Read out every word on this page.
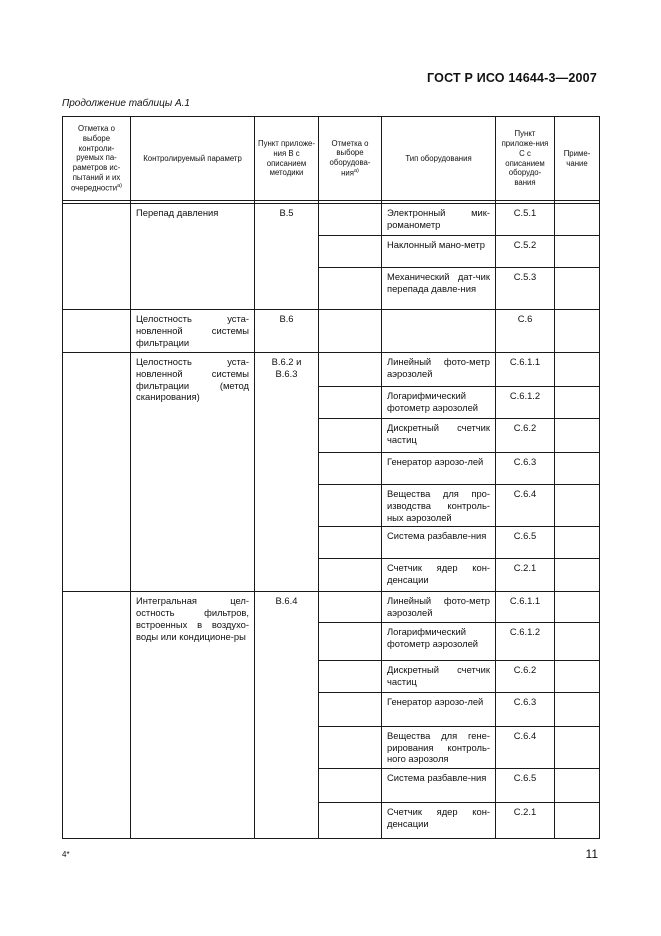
ГОСТ Р ИСО 14644-3—2007
Продолжение таблицы А.1
Отметка о выборе контроли-руемых па-раметров ис-пытаний и их очередности$^{а)}$	Контролируемый параметр	Пункт приложе-ния В с описанием методики	Отметка о выборе оборудова-ния$^{а)}$	Тип оборудования	Пункт приложе-ния С с описанием оборудо-вания	Приме-чание

	Перепад давления	В.5		Электронный мик-романометр	С.5.1	
				Наклонный мано-метр	С.5.2	
				Механический дат-чик перепада давле-ния	С.5.3	
	Целостность уста-новленной системы фильтрации	В.6			С.6	
	Целостность уста-новленной системы фильтрации (метод сканирования)	В.6.2 и В.6.3		Линейный фото-метр аэрозолей	С.6.1.1	
				Логарифмический фотометр аэрозолей	С.6.1.2	
				Дискретный счетчик частиц	С.6.2	
				Генератор аэрозо-лей	С.6.3	
				Вещества для про-изводства контроль-ных аэрозолей	С.6.4	
				Система разбавле-ния	С.6.5	
				Счетчик ядер кон-денсации	С.2.1	
	Интегральная цел-остность фильтров, встроенных в воздухо-воды или кондиционе-ры	В.6.4		Линейный фото-метр аэрозолей	С.6.1.1	
				Логарифмический фотометр аэрозолей	С.6.1.2	
				Дискретный счетчик частиц	С.6.2	
				Генератор аэрозо-лей	С.6.3	
				Вещества для гене-рирования контроль-ного аэрозоля	С.6.4	
				Система разбавле-ния	С.6.5	
				Счетчик ядер кон-денсации	С.2.1	
4*	11
